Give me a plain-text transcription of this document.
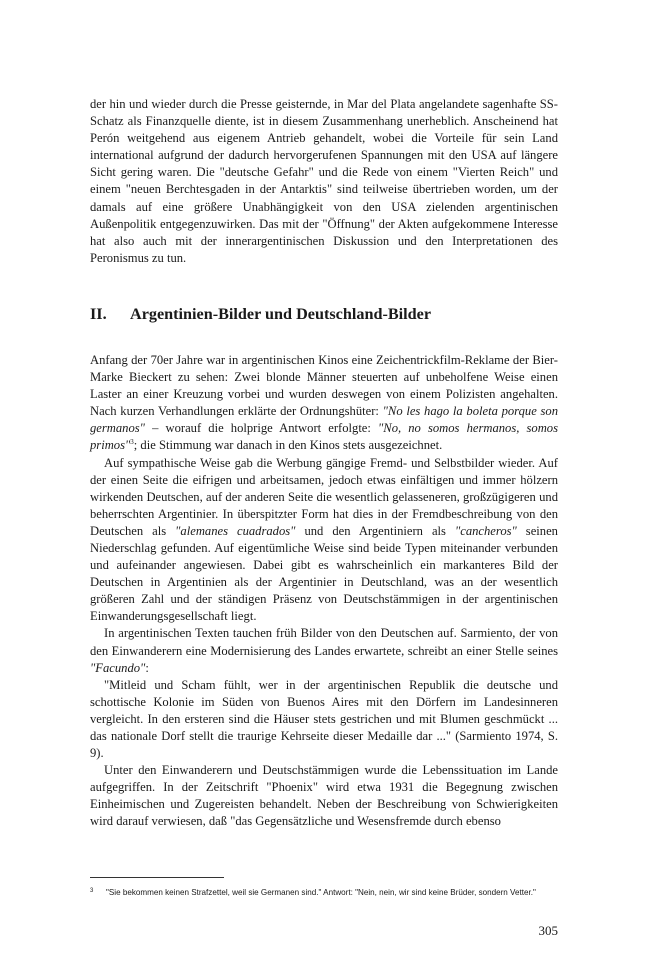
der hin und wieder durch die Presse geisternde, in Mar del Plata angelandete sagenhafte SS-Schatz als Finanzquelle diente, ist in diesem Zusammenhang unerheblich. Anscheinend hat Perón weitgehend aus eigenem Antrieb gehandelt, wobei die Vorteile für sein Land international aufgrund der dadurch hervorgerufenen Spannungen mit den USA auf längere Sicht gering waren. Die "deutsche Gefahr" und die Rede von einem "Vierten Reich" und einem "neuen Berchtesgaden in der Antarktis" sind teilweise übertrieben worden, um der damals auf eine größere Unabhängigkeit von den USA zielenden argentinischen Außenpolitik entgegenzuwirken. Das mit der "Öffnung" der Akten aufgekommene Interesse hat also auch mit der innerargentinischen Diskussion und den Interpretationen des Peronismus zu tun.

II.	Argentinien-Bilder und Deutschland-Bilder

Anfang der 70er Jahre war in argentinischen Kinos eine Zeichentrickfilm-Reklame der Bier-Marke Bieckert zu sehen: Zwei blonde Männer steuerten auf unbeholfene Weise einen Laster an einer Kreuzung vorbei und wurden deswegen von einem Polizisten angehalten. Nach kurzen Verhandlungen erklärte der Ordnungshüter: "No les hago la boleta porque son germanos" – worauf die holprige Antwort erfolgte: "No, no somos hermanos, somos primos"$^3$; die Stimmung war danach in den Kinos stets ausgezeichnet.

Auf sympathische Weise gab die Werbung gängige Fremd- und Selbstbilder wieder. Auf der einen Seite die eifrigen und arbeitsamen, jedoch etwas einfältigen und immer hölzern wirkenden Deutschen, auf der anderen Seite die wesentlich gelasseneren, großzügigeren und beherrschten Argentinier. In überspitzter Form hat dies in der Fremdbeschreibung von den Deutschen als "alemanes cuadrados" und den Argentiniern als "cancheros" seinen Niederschlag gefunden. Auf eigentümliche Weise sind beide Typen miteinander verbunden und aufeinander angewiesen. Dabei gibt es wahrscheinlich ein markanteres Bild der Deutschen in Argentinien als der Argentinier in Deutschland, was an der wesentlich größeren Zahl und der ständigen Präsenz von Deutschstämmigen in der argentinischen Einwanderungsgesellschaft liegt.

In argentinischen Texten tauchen früh Bilder von den Deutschen auf. Sarmiento, der von den Einwanderern eine Modernisierung des Landes erwartete, schreibt an einer Stelle seines "Facundo":

"Mitleid und Scham fühlt, wer in der argentinischen Republik die deutsche und schottische Kolonie im Süden von Buenos Aires mit den Dörfern im Landesinneren vergleicht. In den ersteren sind die Häuser stets gestrichen und mit Blumen geschmückt ... das nationale Dorf stellt die traurige Kehrseite dieser Medaille dar ..." (Sarmiento 1974, S. 9).

Unter den Einwanderern und Deutschstämmigen wurde die Lebenssituation im Lande aufgegriffen. In der Zeitschrift "Phoenix" wird etwa 1931 die Begegnung zwischen Einheimischen und Zugereisten behandelt. Neben der Beschreibung von Schwierigkeiten wird darauf verwiesen, daß "das Gegensätzliche und Wesensfremde durch ebenso

3	"Sie bekommen keinen Strafzettel, weil sie Germanen sind." Antwort: "Nein, nein, wir sind keine Brüder, sondern Vetter."
305
